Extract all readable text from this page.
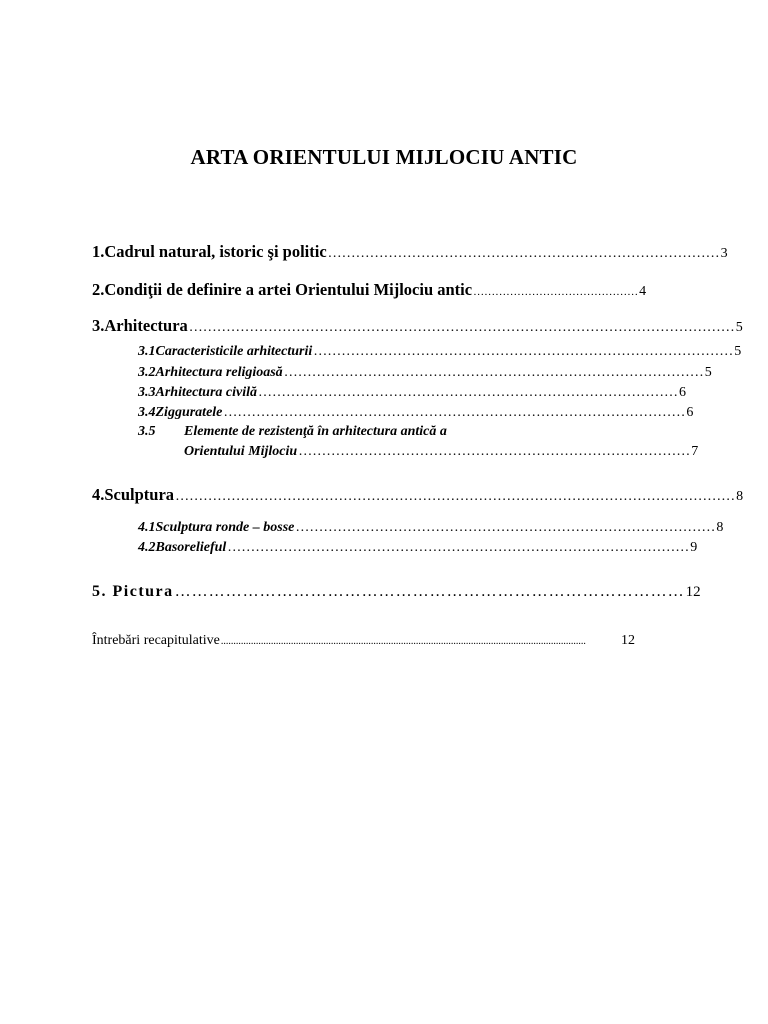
ARTA ORIENTULUI MIJLOCIU ANTIC
1. Cadrul natural, istoric şi politic ………………………………………………………………………… 3
2. Condiţii de definire a artei Orientului Mijlociu antic ……………………………………… 4
3. Arhitectura ……………………………………………………………………………………………………… 5
3.1 Caracteristicile arhitecturii ……………………………………………………………………………… 5
3.2 Arhitectura religioasă ……………………………………………………………………………… 5
3.3 Arhitectura civilă ……………………………………………………………………………… 6
3.4 Zigguratele ……………………………………………………………………………………… 6
3.5	Elemente de rezistenţă în arhitectura antică a
Orientului Mijlociu ………………………………………………………………………… 7
4. Sculptura ………………………………………………………………………………………………………… 8
4.1 Sculptura ronde – bosse ……………………………………………………………………………… 8
4.2 Basorelieful ……………………………………………………………………………………… 9
5. Pictura ……………………………………………………………………………… 12
Întrebări recapitulative ..................................................................................................................................................	12
